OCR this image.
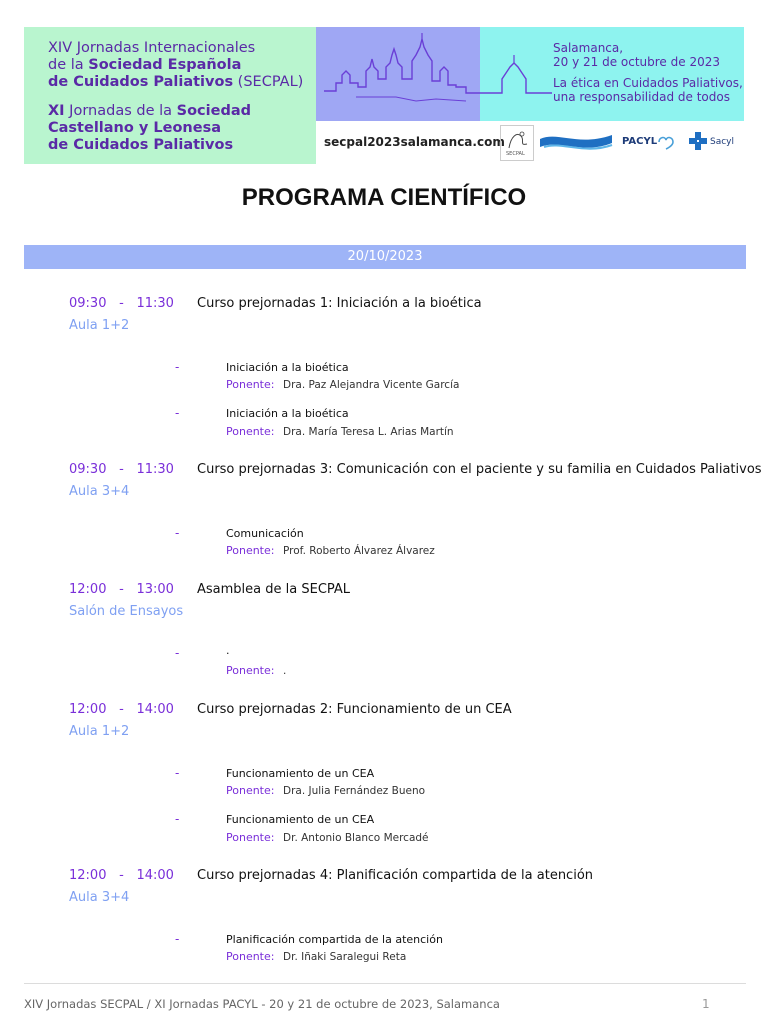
XIV Jornadas Internacionales
de la Sociedad Española
de Cuidados Paliativos (SECPAL)
XI Jornadas de la Sociedad
Castellano y Leonesa
de Cuidados Paliativos
Salamanca,
20 y 21 de octubre de 2023
La ética en Cuidados Paliativos,
una responsabilidad de todos
secpal2023salamanca.com
SECPAL
PACYL	Sacyl
PROGRAMA CIENTÍFICO
20/10/2023
09:30 - 11:30
Aula 1+2
Curso prejornadas 1: Iniciación a la bioética
-	Iniciación a la bioética
Ponente: Dra. Paz Alejandra Vicente García
-	Iniciación a la bioética
Ponente: Dra. María Teresa L. Arias Martín
09:30 - 11:30
Aula 3+4
Curso prejornadas 3: Comunicación con el paciente y su familia en Cuidados Paliativos
-	Comunicación
Ponente: Prof. Roberto Álvarez Álvarez
12:00 - 13:00
Salón de Ensayos
Asamblea de la SECPAL
-	.
Ponente: .
12:00 - 14:00
Aula 1+2
Curso prejornadas 2: Funcionamiento de un CEA
-	Funcionamiento de un CEA
Ponente: Dra. Julia Fernández Bueno
-	Funcionamiento de un CEA
Ponente: Dr. Antonio Blanco Mercadé
12:00 - 14:00
Aula 3+4
Curso prejornadas 4: Planificación compartida de la atención
-	Planificación compartida de la atención
Ponente: Dr. Iñaki Saralegui Reta
XIV Jornadas SECPAL / XI Jornadas PACYL - 20 y 21 de octubre de 2023, Salamanca	1
